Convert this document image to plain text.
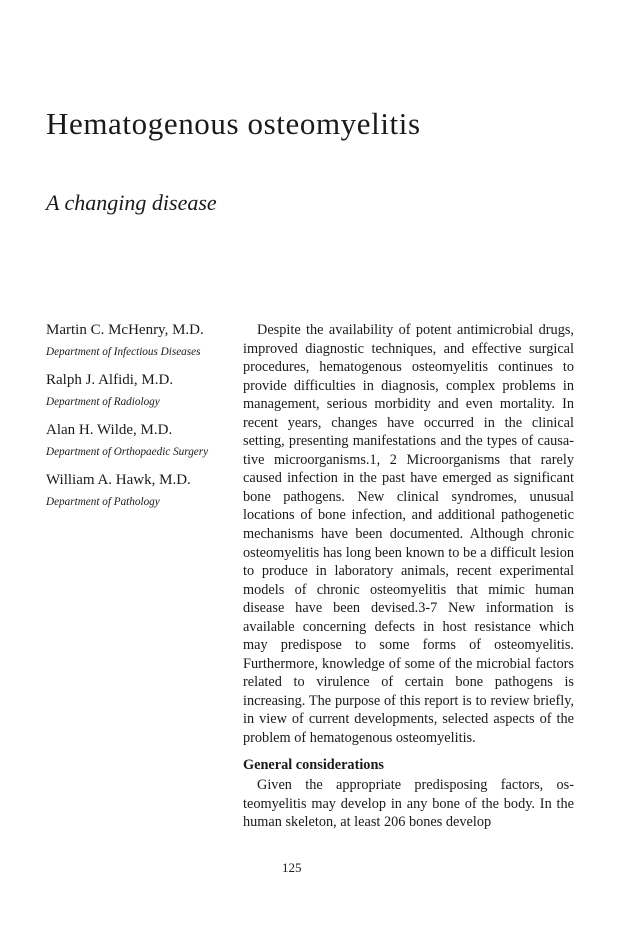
Hematogenous osteomyelitis
A changing disease
Martin C. McHenry, M.D.
Department of Infectious Diseases
Ralph J. Alfidi, M.D.
Department of Radiology
Alan H. Wilde, M.D.
Department of Orthopaedic Surgery
William A. Hawk, M.D.
Department of Pathology

Despite the availability of potent antimicrobial drugs, improved diagnostic techniques, and effective surgical procedures, hematogenous osteomyelitis continues to provide difficulties in diagnosis, complex problems in management, serious morbidity and even mortality. In recent years, changes have occurred in the clinical setting, presenting manifestations and the types of causative microorganisms.1, 2 Microorganisms that rarely caused infection in the past have emerged as significant bone pathogens. New clinical syndromes, unusual locations of bone infection, and additional pathogenetic mechanisms have been documented. Although chronic osteomyelitis has long been known to be a difficult lesion to produce in laboratory animals, recent experimental models of chronic osteomyelitis that mimic human disease have been devised.3-7 New information is available concerning defects in host resistance which may predispose to some forms of osteomyelitis. Furthermore, knowledge of some of the microbial factors related to virulence of certain bone pathogens is increasing. The purpose of this report is to review briefly, in view of current developments, selected aspects of the problem of hematogenous osteomyelitis.

General considerations

Given the appropriate predisposing factors, osteomyelitis may develop in any bone of the body. In the human skeleton, at least 206 bones develop

125
